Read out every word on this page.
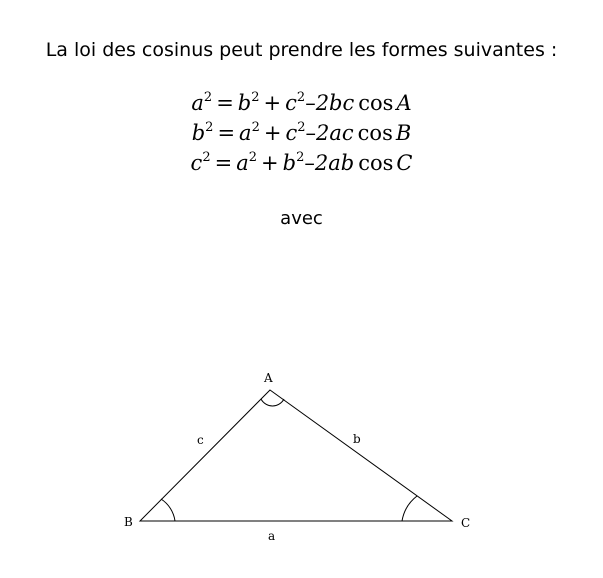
La loi des cosinus peut prendre les formes suivantes :
$a^2 = b^2 + c^2-2bc$ cos A
$b^2 = a^2 + c^2-2ac$ cos B
$c^2 = a^2 + b^2-2ab$ cos C
avec
A
B	C
c	b
a
